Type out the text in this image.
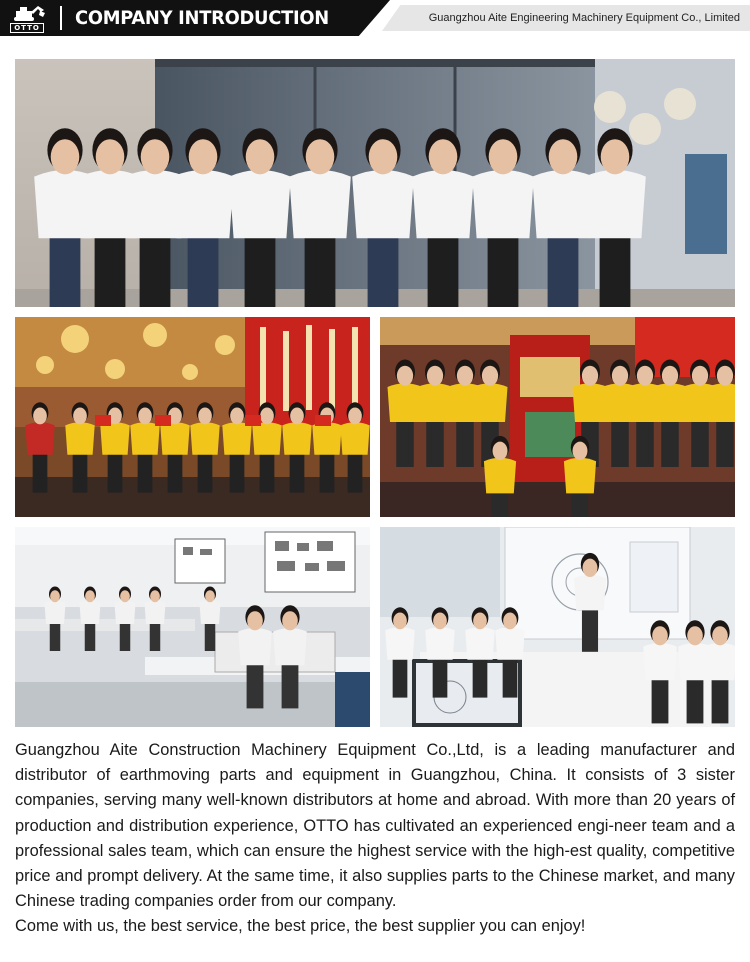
OTTO COMPANY INTRODUCTION	Guangzhou Aite Engineering Machinery Equipment Co., Limited

Guangzhou Aite Construction Machinery Equipment Co.,Ltd, is a leading manufacturer and distributor of earthmoving parts and equipment in Guangzhou, China. It consists of 3 sister companies, serving many well-known distributors at home and abroad. With more than 20 years of production and distribution experience, OTTO has cultivated an experienced engi-neer team and a professional sales team, which can ensure the highest service with the high-est quality, competitive price and prompt delivery. At the same time, it also supplies parts to the Chinese market, and many Chinese trading companies order from our company.

Come with us, the best service, the best price, the best supplier you can enjoy!
